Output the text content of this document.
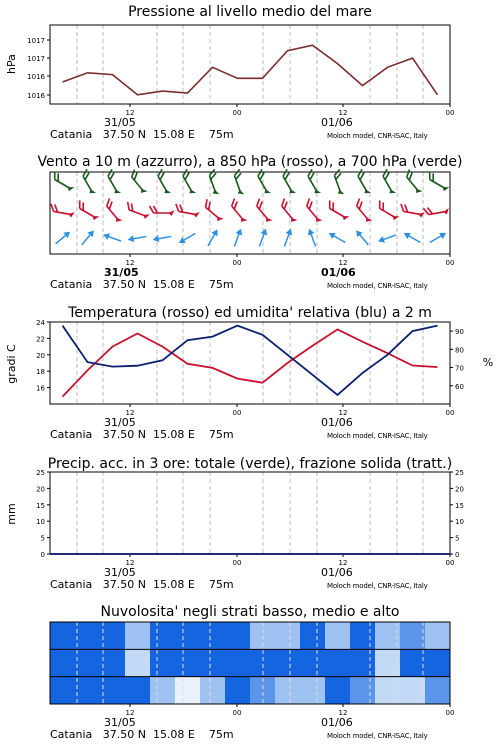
Pressione al livello medio del mare
12	00	12	00
1016
1016
1017
1017
hPa
Vento a 10 m (azzurro), a 850 hPa (rosso), a 700 hPa (verde)
12	00	12	00
Temperatura (rosso) ed umidita' relativa (blu) a 2 m
12	00	12	00
16
18
20
22
24
60
70
80
90
gradi C	%
Precip. acc. in 3 ore: totale (verde), frazione solida (tratt.)
12	00	12	00
0
5
10
15
20
25
0
5
10
15
20
25
mm
Nuvolosita' negli strati basso, medio e alto
12	00	12	00
31/05	01/06
Catania   37.50 N  15.08 E    75m	Moloch model, CNR-ISAC, Italy
31/05	01/06
Catania   37.50 N  15.08 E    75m	Moloch model, CNR-ISAC, Italy
31/05	01/06
Catania   37.50 N  15.08 E    75m	Moloch model, CNR-ISAC, Italy
31/05	01/06
Catania   37.50 N  15.08 E    75m	Moloch model, CNR-ISAC, Italy
31/05	01/06
Catania   37.50 N  15.08 E    75m	Moloch model, CNR-ISAC, Italy
